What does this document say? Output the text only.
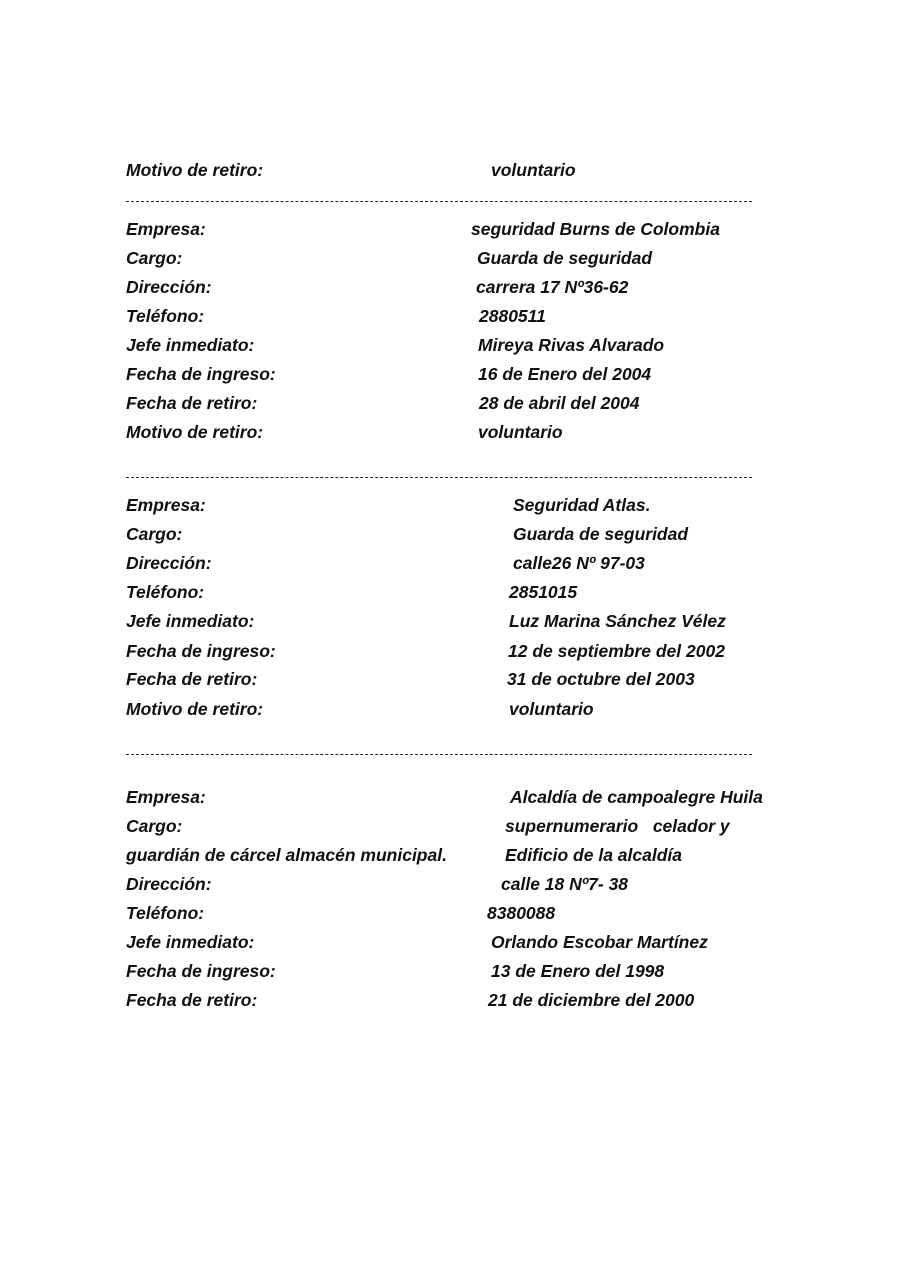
Motivo de retiro:	voluntario
Empresa:	seguridad Burns de Colombia
Cargo:	Guarda de seguridad
Dirección:	carrera 17 Nº36-62
Teléfono:	2880511
Jefe inmediato:	Mireya Rivas Alvarado
Fecha de ingreso:	16 de Enero del 2004
Fecha de retiro:	28 de abril del 2004
Motivo de retiro:	voluntario
Empresa:	Seguridad Atlas.
Cargo:	Guarda de seguridad
Dirección:	calle26 Nº 97-03
Teléfono:	2851015
Jefe inmediato:	Luz Marina Sánchez Vélez
Fecha de ingreso:	12 de septiembre del 2002
Fecha de retiro:	31 de octubre del 2003
Motivo de retiro:	voluntario
Empresa:	Alcaldía de campoalegre Huila
Cargo:	supernumerario   celador y
guardián de cárcel almacén municipal.	Edificio de la alcaldía
Dirección:	calle 18 Nº7- 38
Teléfono:	8380088
Jefe inmediato:	Orlando Escobar Martínez
Fecha de ingreso:	13 de Enero del 1998
Fecha de retiro:	21 de diciembre del 2000
